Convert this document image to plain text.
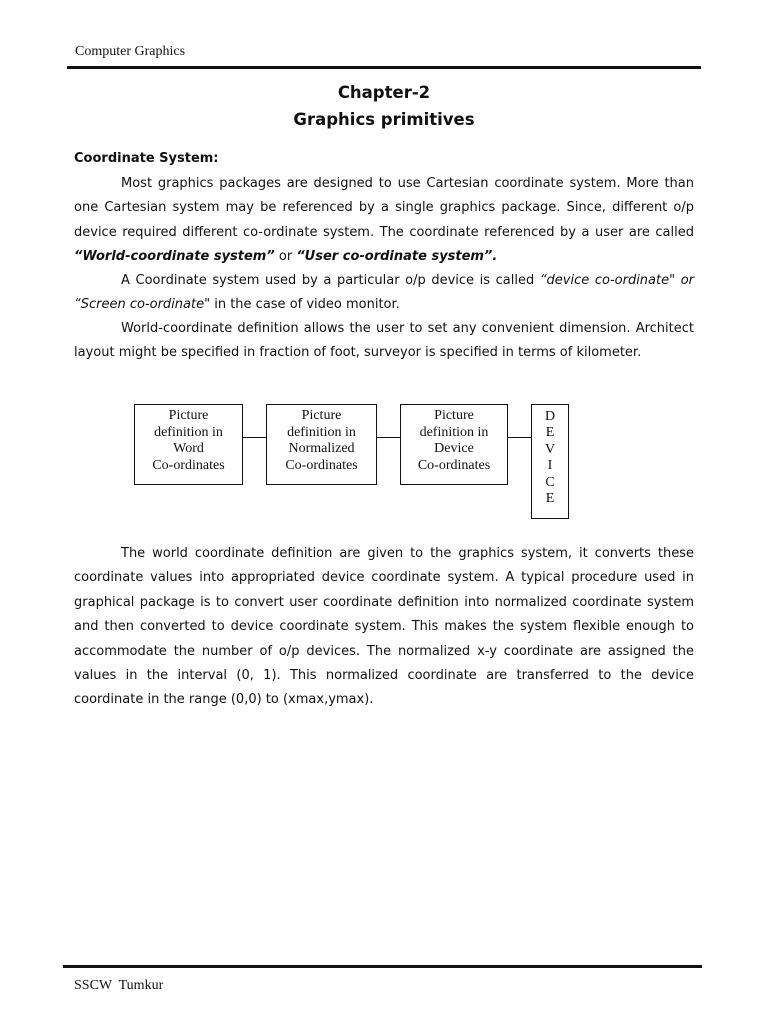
Computer Graphics
Chapter-2
Graphics primitives
Coordinate System:

Most graphics packages are designed to use Cartesian coordinate system. More than one Cartesian system may be referenced by a single graphics package. Since, different o/p device required different co-ordinate system. The coordinate referenced by a user are called “World-coordinate system” or “User co-ordinate system”.

A Coordinate system used by a particular o/p device is called “device co-ordinate" or “Screen co-ordinate" in the case of video monitor.

World-coordinate definition allows the user to set any convenient dimension. Architect layout might be specified in fraction of foot, surveyor is specified in terms of kilometer.

Picture
definition in
Word
Co-ordinates
Picture
definition in
Normalized
Co-ordinates
Picture
definition in
Device
Co-ordinates
D
E
V
I
C
E

The world coordinate definition are given to the graphics system, it converts these coordinate values into appropriated device coordinate system. A typical procedure used in graphical package is to convert user coordinate definition into normalized coordinate system and then converted to device coordinate system. This makes the system flexible enough to accommodate the number of o/p devices. The normalized x-y coordinate are assigned the values in the interval (0, 1). This normalized coordinate are transferred to the device coordinate in the range (0,0) to (xmax,ymax).

SSCW  Tumkur
